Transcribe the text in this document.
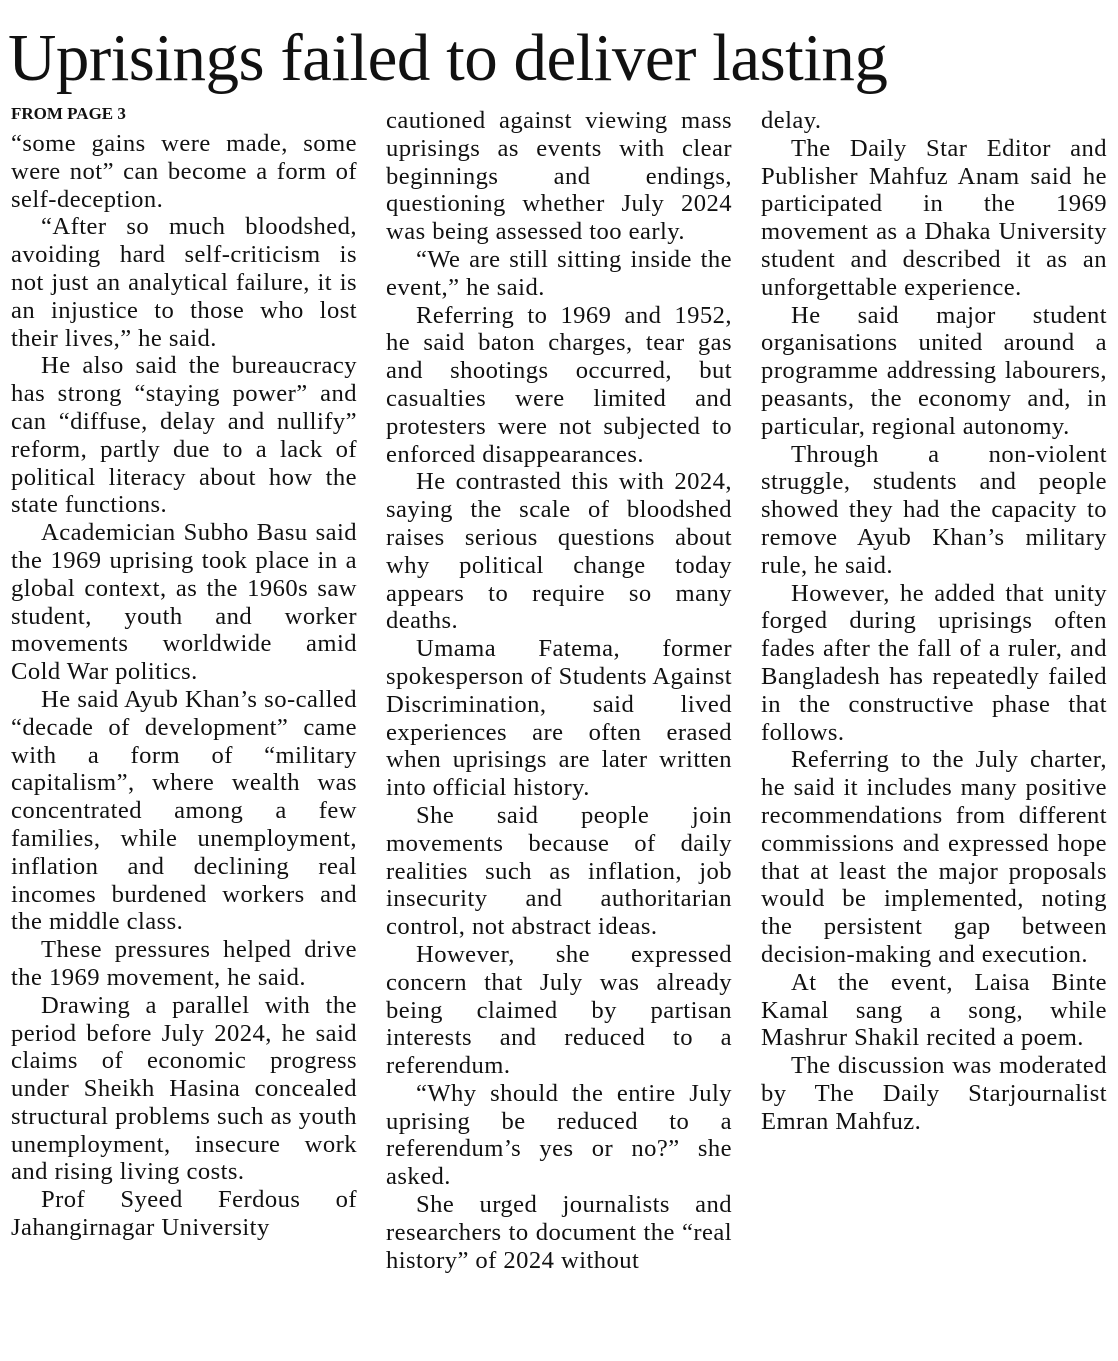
Uprisings failed to deliver lasting
FROM PAGE 3

“some gains were made, some were not” can become a form of self-deception.

“After so much bloodshed, avoiding hard self-criticism is not just an analytical failure, it is an injustice to those who lost their lives,” he said.

He also said the bureaucracy has strong “staying power” and can “diffuse, delay and nullify” reform, partly due to a lack of political literacy about how the state functions.

Academician Subho Basu said the 1969 uprising took place in a global context, as the 1960s saw student, youth and worker movements worldwide amid Cold War politics.

He said Ayub Khan’s so-called “decade of development” came with a form of “military capitalism”, where wealth was concentrated among a few families, while unemployment, inflation and declining real incomes burdened workers and the middle class.

These pressures helped drive the 1969 movement, he said.

Drawing a parallel with the period before July 2024, he said claims of economic progress under Sheikh Hasina concealed structural problems such as youth unemployment, insecure work and rising living costs.

Prof Syeed Ferdous of Jahangirnagar University

cautioned against viewing mass uprisings as events with clear beginnings and endings, questioning whether July 2024 was being assessed too early.

“We are still sitting inside the event,” he said.

Referring to 1969 and 1952, he said baton charges, tear gas and shootings occurred, but casualties were limited and protesters were not subjected to enforced disappearances.

He contrasted this with 2024, saying the scale of bloodshed raises serious questions about why political change today appears to require so many deaths.

Umama Fatema, former spokesperson of Students Against Discrimination, said lived experiences are often erased when uprisings are later written into official history.

She said people join movements because of daily realities such as inflation, job insecurity and authoritarian control, not abstract ideas.

However, she expressed concern that July was already being claimed by partisan interests and reduced to a referendum.

“Why should the entire July uprising be reduced to a referendum’s yes or no?” she asked.

She urged journalists and researchers to document the “real history” of 2024 without

delay.

The Daily Star Editor and Publisher Mahfuz Anam said he participated in the 1969 movement as a Dhaka University student and described it as an unforgettable experience.

He said major student organisations united around a programme addressing labourers, peasants, the economy and, in particular, regional autonomy.

Through a non-violent struggle, students and people showed they had the capacity to remove Ayub Khan’s military rule, he said.

However, he added that unity forged during uprisings often fades after the fall of a ruler, and Bangladesh has repeatedly failed in the constructive phase that follows.

Referring to the July charter, he said it includes many positive recommendations from different commissions and expressed hope that at least the major proposals would be implemented, noting the persistent gap between decision-making and execution.

At the event, Laisa Binte Kamal sang a song, while Mashrur Shakil recited a poem.

The discussion was moderated by The Daily Starjournalist Emran Mahfuz.
